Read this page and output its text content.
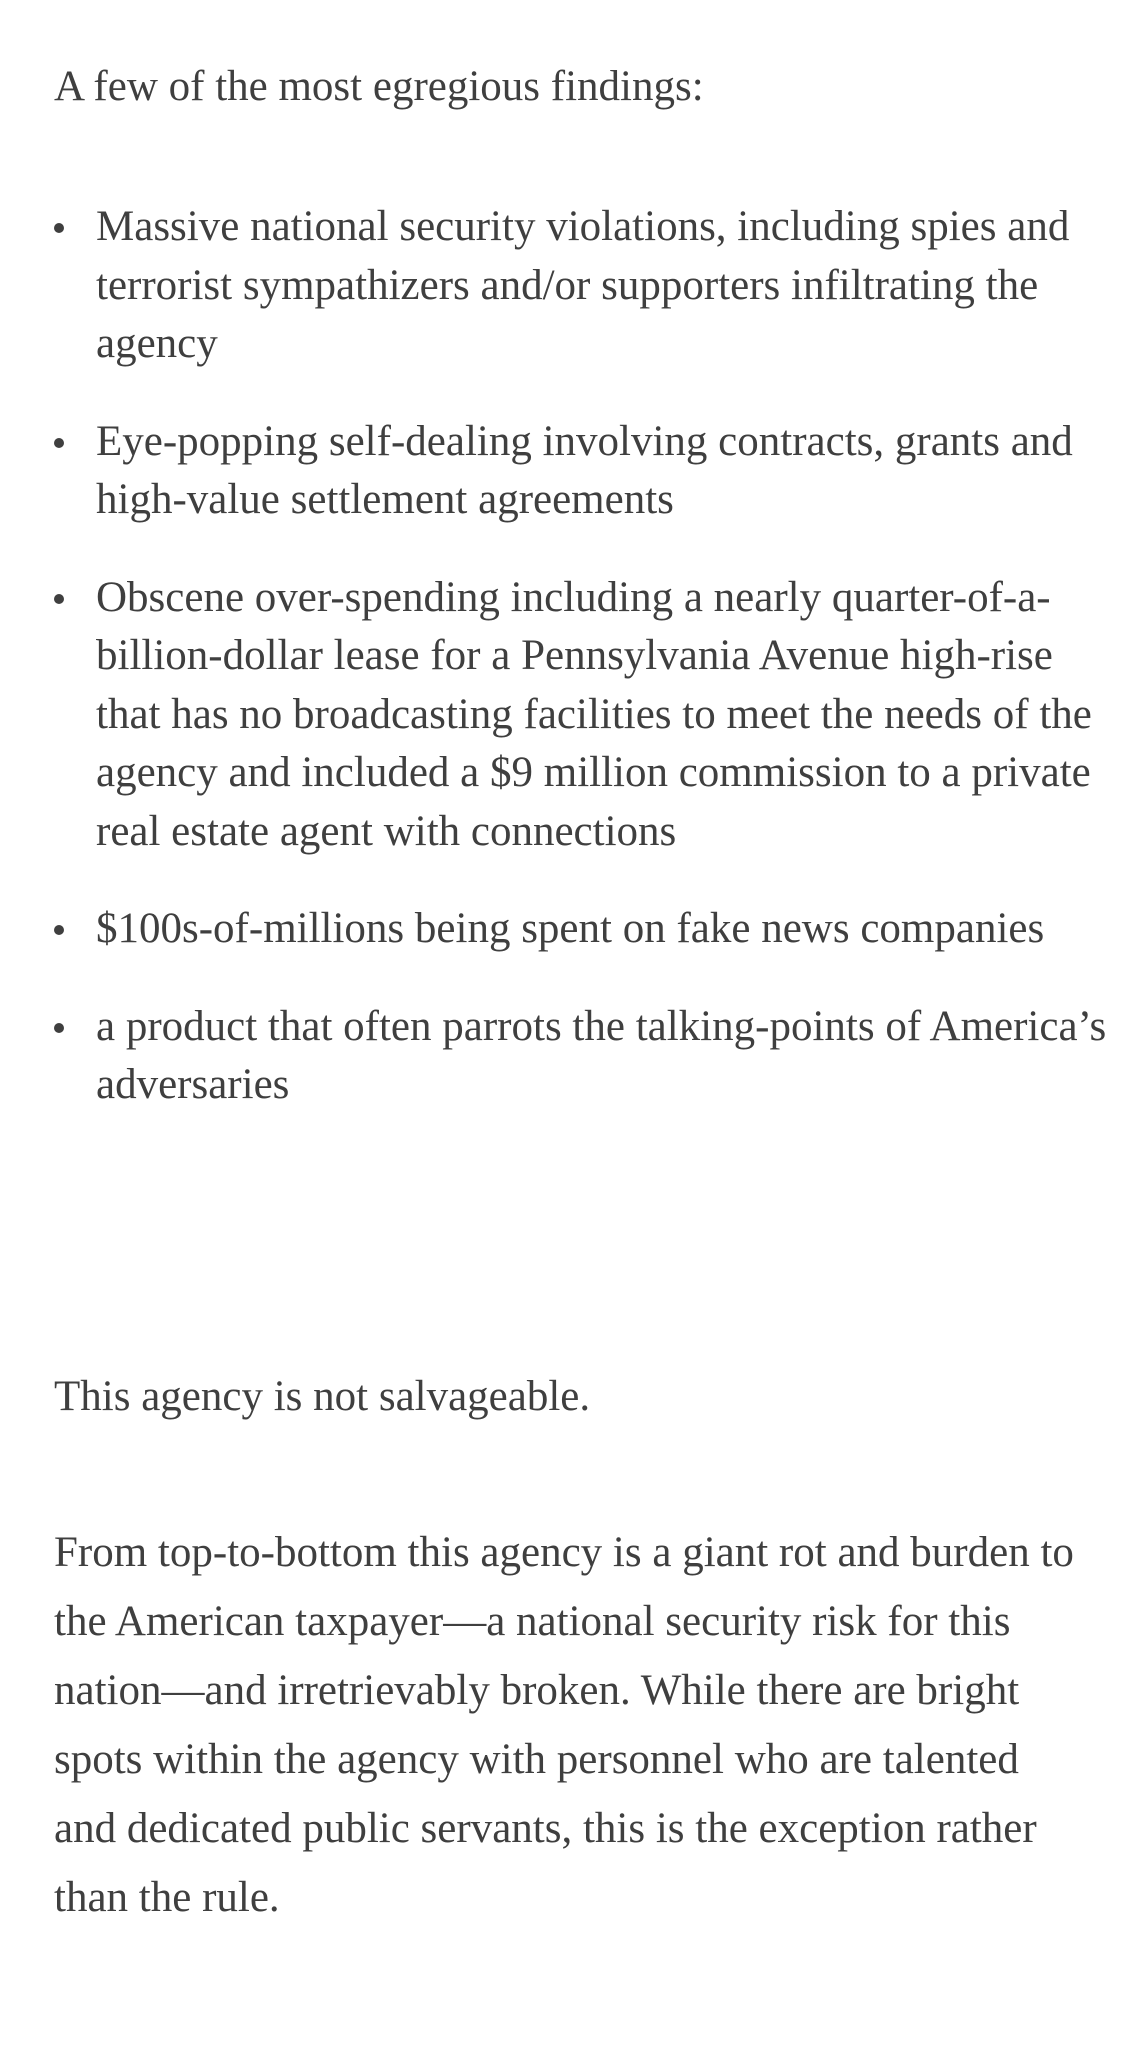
A few of the most egregious findings:

Massive national security violations, including spies and terrorist sympathizers and/or supporters infiltrating the agency
Eye-popping self-dealing involving contracts, grants and high-value settlement agreements
Obscene over-spending including a nearly quarter-of-a-billion-dollar lease for a Pennsylvania Avenue high-rise that has no broadcasting facilities to meet the needs of the agency and included a $9 million commission to a private real estate agent with connections
$100s-of-millions being spent on fake news companies
a product that often parrots the talking-points of America’s adversaries

This agency is not salvageable.

From top-to-bottom this agency is a giant rot and burden to the American taxpayer—a national security risk for this nation—and irretrievably broken. While there are bright spots within the agency with personnel who are talented and dedicated public servants, this is the exception rather than the rule.
